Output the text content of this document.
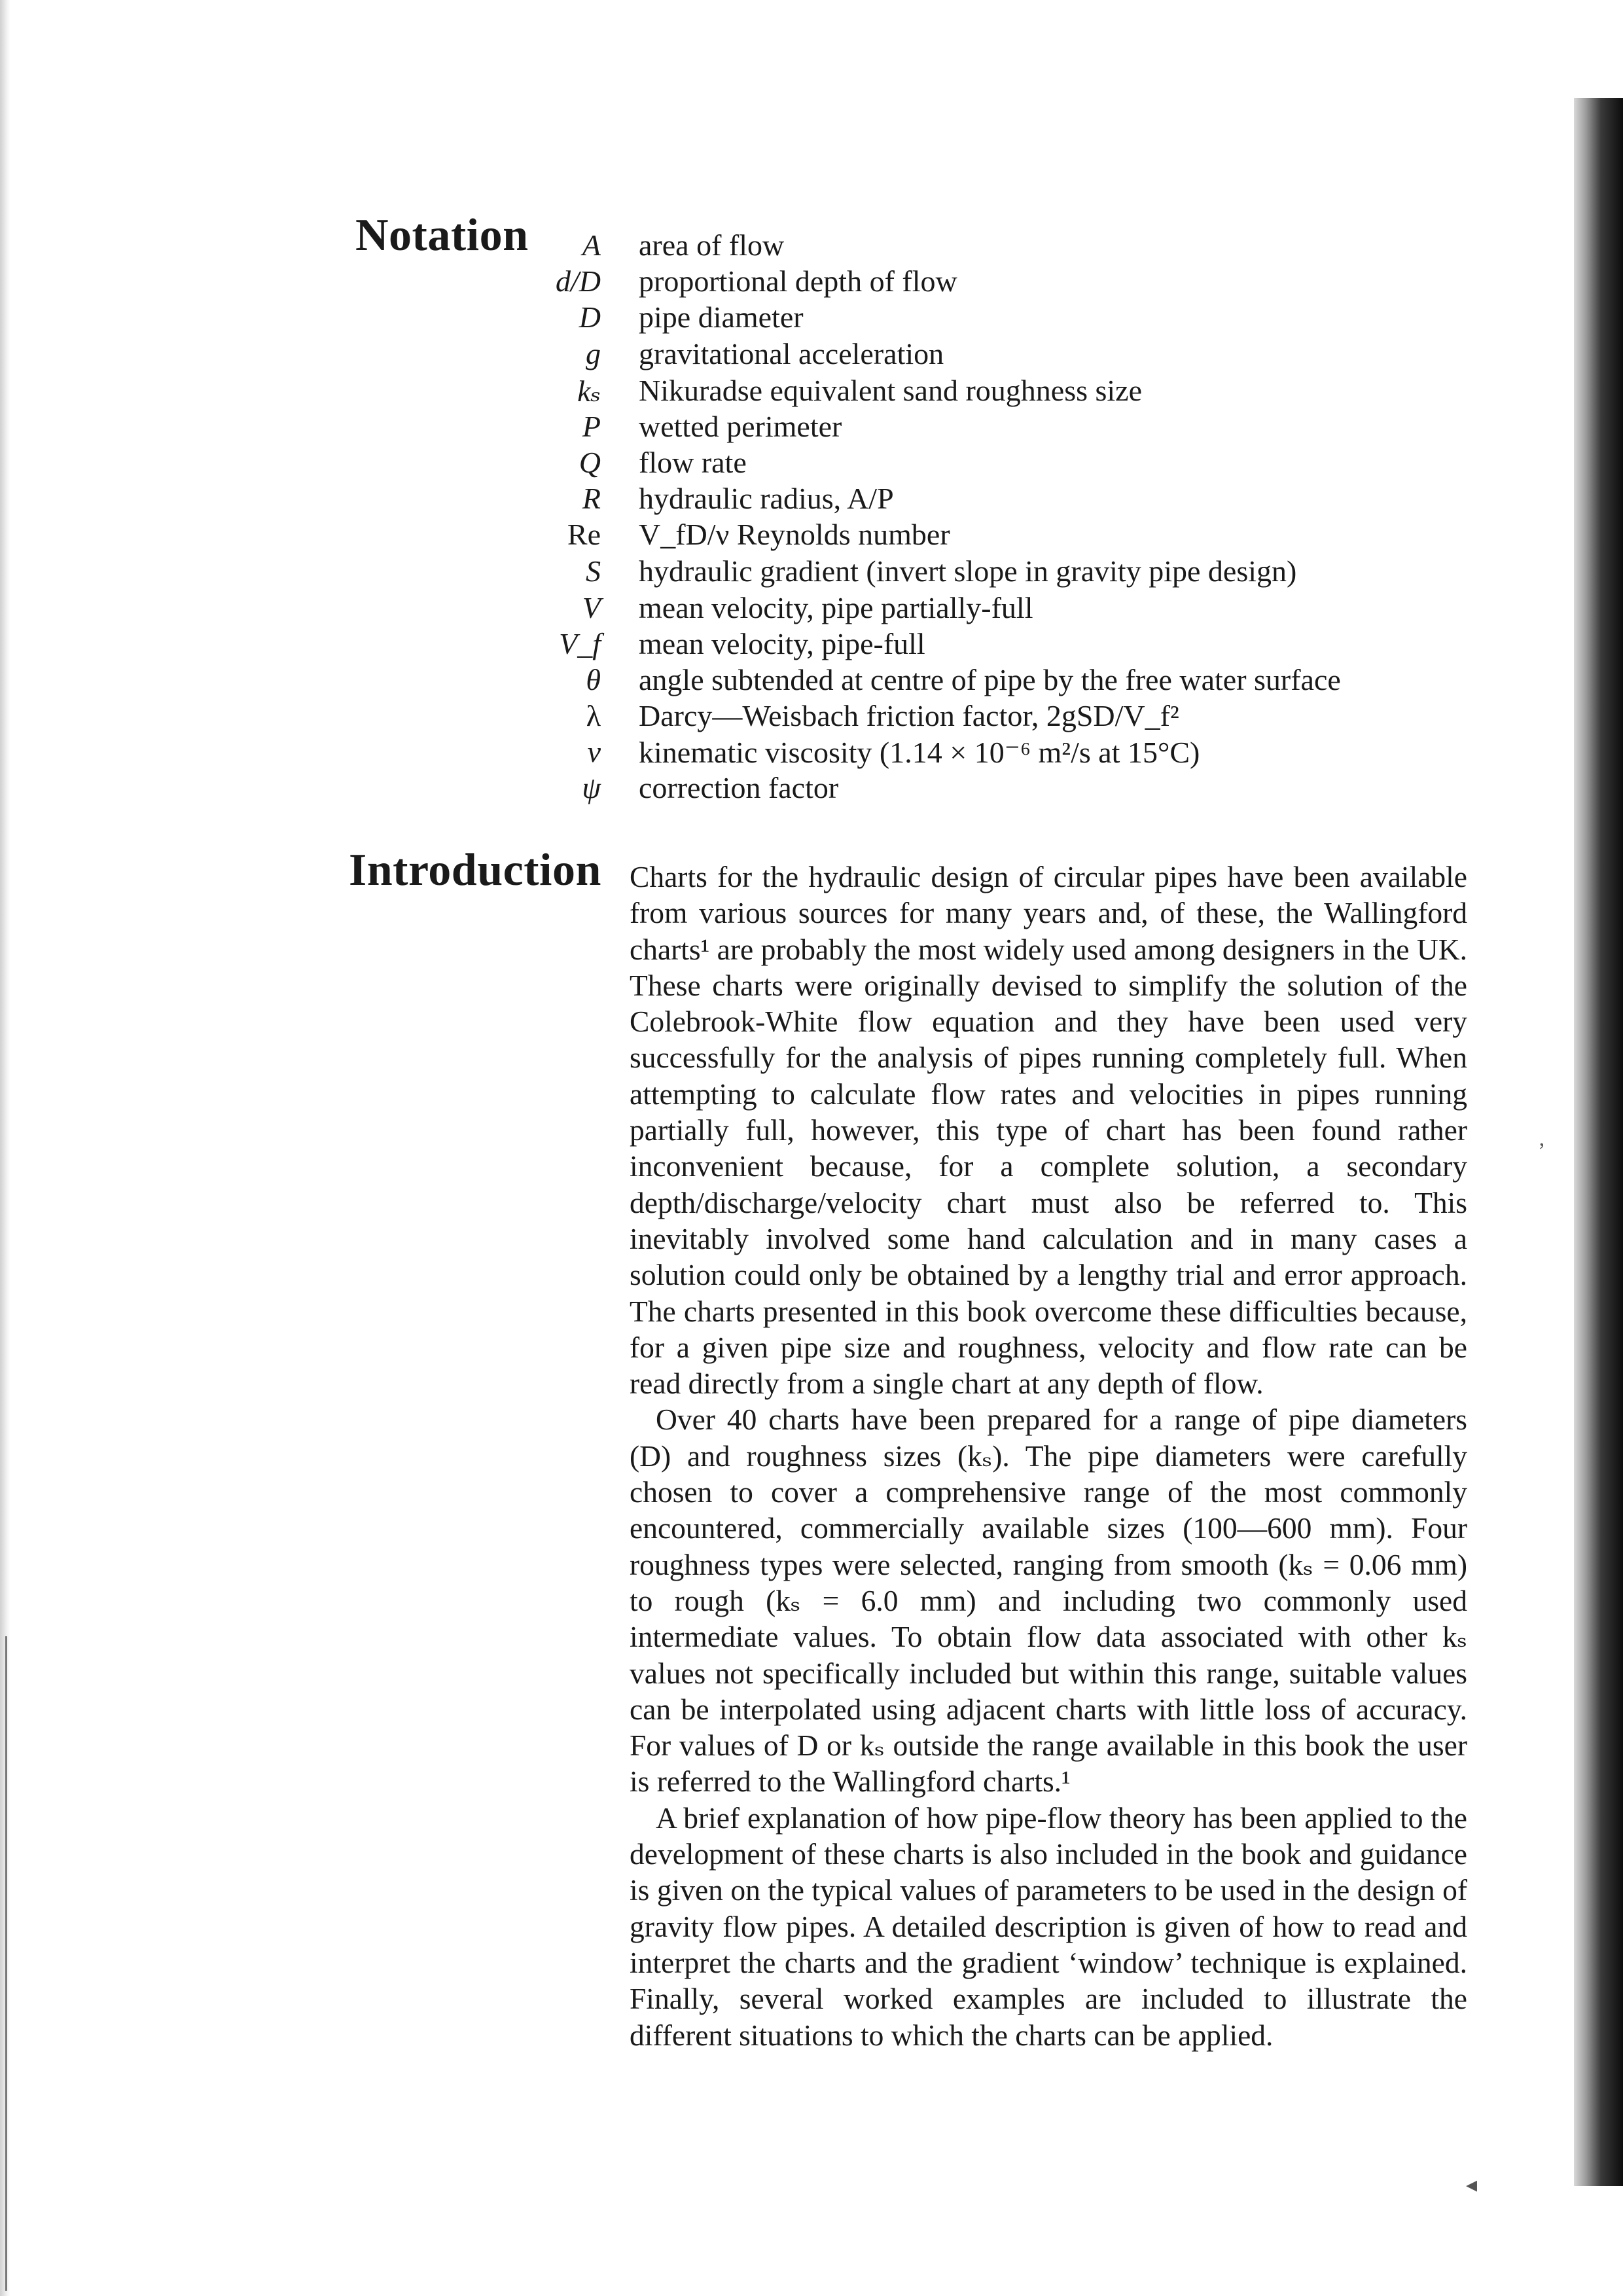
Notation A area of flow
d/D proportional depth of flow
D pipe diameter
g gravitational acceleration
kₛ Nikuradse equivalent sand roughness size
P wetted perimeter
Q flow rate
R hydraulic radius, A/P
Re V_fD/ν Reynolds number
S hydraulic gradient (invert slope in gravity pipe design)
V mean velocity, pipe partially-full
V_f mean velocity, pipe-full
θ angle subtended at centre of pipe by the free water surface
λ Darcy—Weisbach friction factor, 2gSD/V_f²
ν kinematic viscosity (1.14 × 10⁻⁶ m²/s at 15°C)
ψ correction factor
Introduction Charts for the hydraulic design of circular pipes have been available from various sources for many years and, of these, the Wallingford charts¹ are probably the most widely used among designers in the UK. These charts were originally devised to simplify the solution of the Colebrook-White flow equation and they have been used very successfully for the analysis of pipes running completely full. When attempting to calculate flow rates and velocities in pipes running partially full, however, this type of chart has been found rather inconvenient because, for a complete solution, a secondary depth/discharge/velocity chart must also be referred to. This inevitably involved some hand calculation and in many cases a solution could only be obtained by a lengthy trial and error approach. The charts presented in this book overcome these difficulties because, for a given pipe size and roughness, velocity and flow rate can be read directly from a single chart at any depth of flow.

Over 40 charts have been prepared for a range of pipe diameters (D) and roughness sizes (kₛ). The pipe diameters were carefully chosen to cover a comprehensive range of the most commonly encountered, commercially available sizes (100—600 mm). Four roughness types were selected, ranging from smooth (kₛ = 0.06 mm) to rough (kₛ = 6.0 mm) and including two commonly used intermediate values. To obtain flow data associated with other kₛ values not specifically included but within this range, suitable values can be interpolated using adjacent charts with little loss of accuracy. For values of D or kₛ outside the range available in this book the user is referred to the Wallingford charts.¹

A brief explanation of how pipe-flow theory has been applied to the development of these charts is also included in the book and guidance is given on the typical values of parameters to be used in the design of gravity flow pipes. A detailed description is given of how to read and interpret the charts and the gradient ‘window’ technique is explained. Finally, several worked examples are included to illustrate the different situations to which the charts can be applied.

◂
’
